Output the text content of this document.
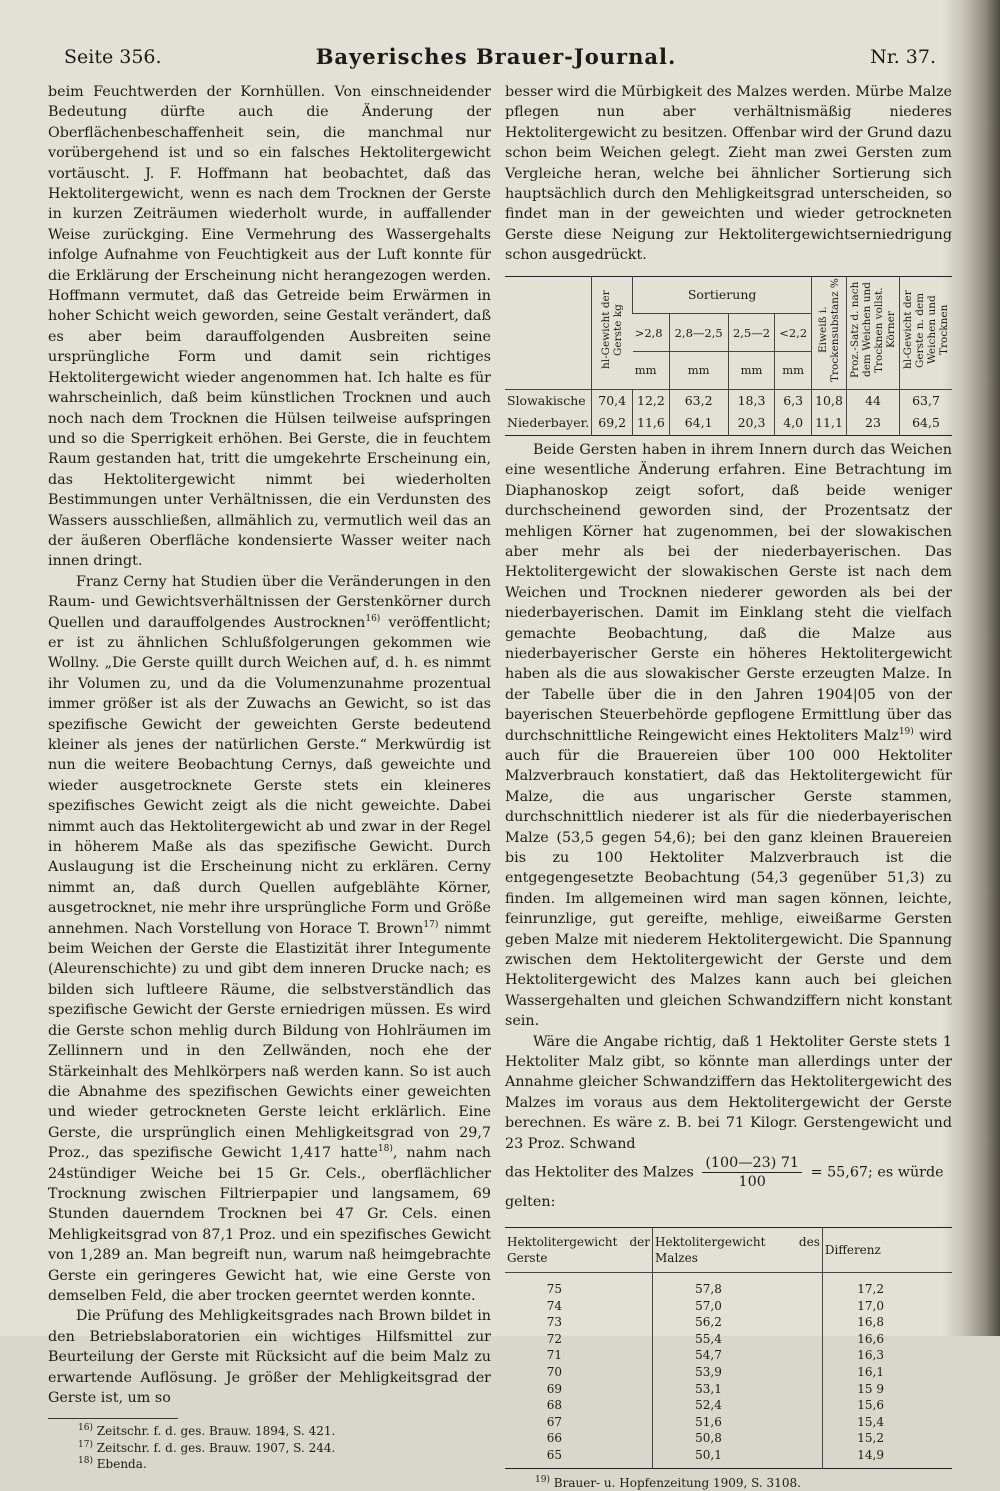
Seite 356.	Bayerisches Brauer-Journal.	Nr. 37.

beim Feuchtwerden der Kornhüllen. Von einschneidender Bedeutung dürfte auch die Änderung der Oberflächenbeschaffenheit sein, die manchmal nur vorübergehend ist und so ein falsches Hektolitergewicht vortäuscht. J. F. Hoffmann hat beobachtet, daß das Hektolitergewicht, wenn es nach dem Trocknen der Gerste in kurzen Zeiträumen wiederholt wurde, in auffallender Weise zurückging. Eine Vermehrung des Wassergehalts infolge Aufnahme von Feuchtigkeit aus der Luft konnte für die Erklärung der Erscheinung nicht herangezogen werden. Hoffmann vermutet, daß das Getreide beim Erwärmen in hoher Schicht weich geworden, seine Gestalt verändert, daß es aber beim darauffolgenden Ausbreiten seine ursprüngliche Form und damit sein richtiges Hektolitergewicht wieder angenommen hat. Ich halte es für wahrscheinlich, daß beim künstlichen Trocknen und auch noch nach dem Trocknen die Hülsen teilweise aufspringen und so die Sperrigkeit erhöhen. Bei Gerste, die in feuchtem Raum gestanden hat, tritt die umgekehrte Erscheinung ein, das Hektolitergewicht nimmt bei wiederholten Bestimmungen unter Verhältnissen, die ein Verdunsten des Wassers ausschließen, allmählich zu, vermutlich weil das an der äußeren Oberfläche kondensierte Wasser weiter nach innen dringt.

Franz Cerny hat Studien über die Veränderungen in den Raum- und Gewichtsverhältnissen der Gerstenkörner durch Quellen und darauffolgendes Austrocknen$^{16)}$ veröffentlicht; er ist zu ähnlichen Schlußfolgerungen gekommen wie Wollny. „Die Gerste quillt durch Weichen auf, d. h. es nimmt ihr Volumen zu, und da die Volumenzunahme prozentual immer größer ist als der Zuwachs an Gewicht, so ist das spezifische Gewicht der geweichten Gerste bedeutend kleiner als jenes der natürlichen Gerste.“ Merkwürdig ist nun die weitere Beobachtung Cernys, daß geweichte und wieder ausgetrocknete Gerste stets ein kleineres spezifisches Gewicht zeigt als die nicht geweichte. Dabei nimmt auch das Hektolitergewicht ab und zwar in der Regel in höherem Maße als das spezifische Gewicht. Durch Auslaugung ist die Erscheinung nicht zu erklären. Cerny nimmt an, daß durch Quellen aufgeblähte Körner, ausgetrocknet, nie mehr ihre ursprüngliche Form und Größe annehmen. Nach Vorstellung von Horace T. Brown$^{17)}$ nimmt beim Weichen der Gerste die Elastizität ihrer Integumente (Aleurenschichte) zu und gibt dem inneren Drucke nach; es bilden sich luftleere Räume, die selbstverständlich das spezifische Gewicht der Gerste erniedrigen müssen. Es wird die Gerste schon mehlig durch Bildung von Hohlräumen im Zellinnern und in den Zellwänden, noch ehe der Stärkeinhalt des Mehlkörpers naß werden kann. So ist auch die Abnahme des spezifischen Gewichts einer geweichten und wieder getrockneten Gerste leicht erklärlich. Eine Gerste, die ursprünglich einen Mehligkeitsgrad von 29,7 Proz., das spezifische Gewicht 1,417 hatte$^{18)}$, nahm nach 24stündiger Weiche bei 15 Gr. Cels., oberflächlicher Trocknung zwischen Filtrierpapier und langsamem, 69 Stunden dauerndem Trocknen bei 47 Gr. Cels. einen Mehligkeitsgrad von 87,1 Proz. und ein spezifisches Gewicht von 1,289 an. Man begreift nun, warum naß heimgebrachte Gerste ein geringeres Gewicht hat, wie eine Gerste von demselben Feld, die aber trocken geerntet werden konnte.

Die Prüfung des Mehligkeitsgrades nach Brown bildet in den Betriebslaboratorien ein wichtiges Hilfsmittel zur Beurteilung der Gerste mit Rücksicht auf die beim Malz zu erwartende Auflösung. Je größer der Mehligkeitsgrad der Gerste ist, um so

$^{16)}$ Zeitschr. f. d. ges. Brauw. 1894, S. 421.

$^{17)}$ Zeitschr. f. d. ges. Brauw. 1907, S. 244.

$^{18)}$ Ebenda.

besser wird die Mürbigkeit des Malzes werden. Mürbe Malze pflegen nun aber verhältnismäßig niederes Hektolitergewicht zu besitzen. Offenbar wird der Grund dazu schon beim Weichen gelegt. Zieht man zwei Gersten zum Vergleiche heran, welche bei ähnlicher Sortierung sich hauptsächlich durch den Mehligkeitsgrad unterscheiden, so findet man in der geweichten und wieder getrockneten Gerste diese Neigung zur Hektolitergewichtserniedrigung schon ausgedrückt.

	hl-Gewicht der Gerste kg	Sortierung				Eiweiß i. Trockensubstanz %	Proz.-Satz d. nach dem Weichen und Trocknen vollst. Körner	hl-Gewicht der Gerste n. dem Weichen und Trocknen
		>2,8	2,8—2,5	2,5—2	<2,2			
		mm	mm	mm	mm			
Slowakische	70,4	12,2	63,2	18,3	6,3	10,8	44	63,7
Niederbayer.	69,2	11,6	64,1	20,3	4,0	11,1	23	64,5

Beide Gersten haben in ihrem Innern durch das Weichen eine wesentliche Änderung erfahren. Eine Betrachtung im Diaphanoskop zeigt sofort, daß beide weniger durchscheinend geworden sind, der Prozentsatz der mehligen Körner hat zugenommen, bei der slowakischen aber mehr als bei der niederbayerischen. Das Hektolitergewicht der slowakischen Gerste ist nach dem Weichen und Trocknen niederer geworden als bei der niederbayerischen. Damit im Einklang steht die vielfach gemachte Beobachtung, daß die Malze aus niederbayerischer Gerste ein höheres Hektolitergewicht haben als die aus slowakischer Gerste erzeugten Malze. In der Tabelle über die in den Jahren 1904|05 von der bayerischen Steuerbehörde gepflogene Ermittlung über das durchschnittliche Reingewicht eines Hektoliters Malz$^{19)}$ wird auch für die Brauereien über 100 000 Hektoliter Malzverbrauch konstatiert, daß das Hektolitergewicht für Malze, die aus ungarischer Gerste stammen, durchschnittlich niederer ist als für die niederbayerischen Malze (53,5 gegen 54,6); bei den ganz kleinen Brauereien bis zu 100 Hektoliter Malzverbrauch ist die entgegengesetzte Beobachtung (54,3 gegenüber 51,3) zu finden. Im allgemeinen wird man sagen können, leichte, feinrunzlige, gut gereifte, mehlige, eiweißarme Gersten geben Malze mit niederem Hektolitergewicht. Die Spannung zwischen dem Hektolitergewicht der Gerste und dem Hektolitergewicht des Malzes kann auch bei gleichen Wassergehalten und gleichen Schwandziffern nicht konstant sein.

Wäre die Angabe richtig, daß 1 Hektoliter Gerste stets 1 Hektoliter Malz gibt, so könnte man allerdings unter der Annahme gleicher Schwandziffern das Hektolitergewicht des Malzes im voraus aus dem Hektolitergewicht der Gerste berechnen. Es wäre z. B. bei 71 Kilogr. Gerstengewicht und 23 Proz. Schwand

das Hektoliter des Malzes $\frac{(100—23) 71}{100} = 55,67$; es würde
gelten:

Hektolitergewicht der Gerste	Hektolitergewicht des Malzes	Differenz
75	57,8	17,2
74	57,0	17,0
73	56,2	16,8
72	55,4	16,6
71	54,7	16,3
70	53,9	16,1
69	53,1	15 9
68	52,4	15,6
67	51,6	15,4
66	50,8	15,2
65	50,1	14,9

$^{19)}$ Brauer- u. Hopfenzeitung 1909, S. 3108.
